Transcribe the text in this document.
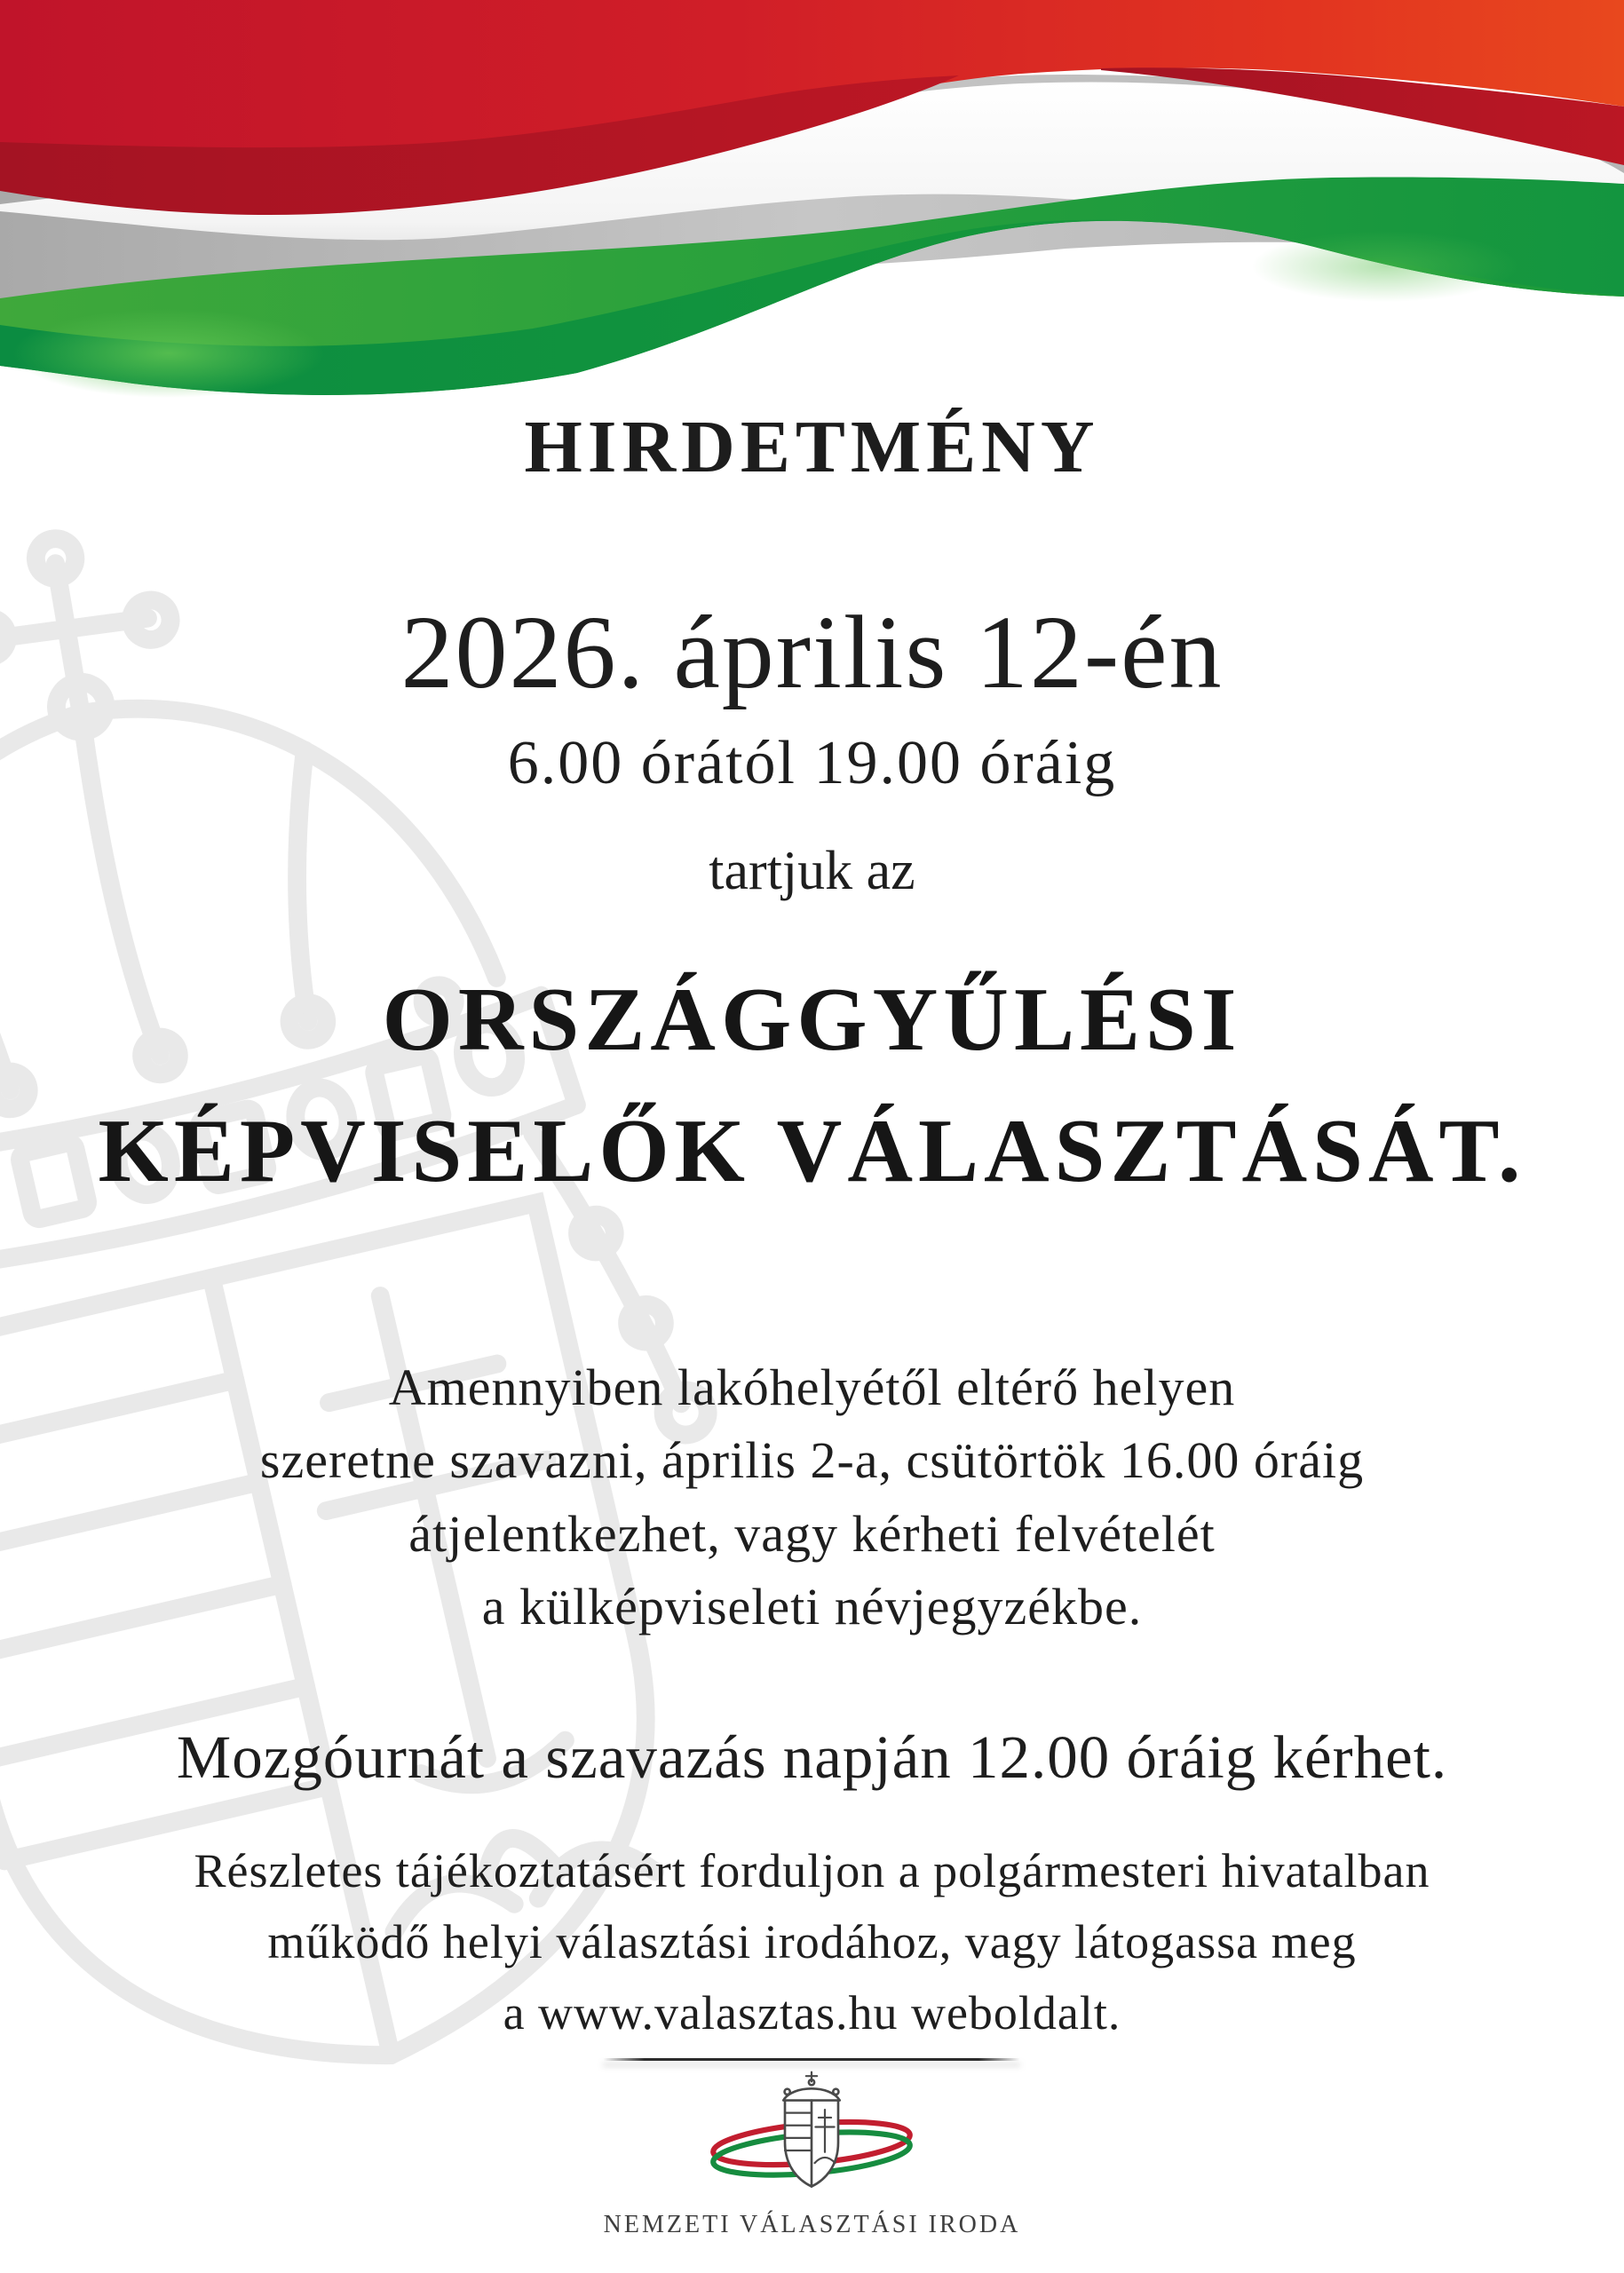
HIRDETMÉNY
2026. április 12-én
6.00 órától 19.00 óráig
tartjuk az
ORSZÁGGYŰLÉSI
KÉPVISELŐK VÁLASZTÁSÁT.

Amennyiben lakóhelyétől eltérő helyen
szeretne szavazni, április 2-a, csütörtök 16.00 óráig
átjelentkezhet, vagy kérheti felvételét
a külképviseleti névjegyzékbe.

Mozgóurnát a szavazás napján 12.00 óráig kérhet.

Részletes tájékoztatásért forduljon a polgármesteri hivatalban
működő helyi választási irodához, vagy látogassa meg
a www.valasztas.hu weboldalt.

NEMZETI VÁLASZTÁSI IRODA
